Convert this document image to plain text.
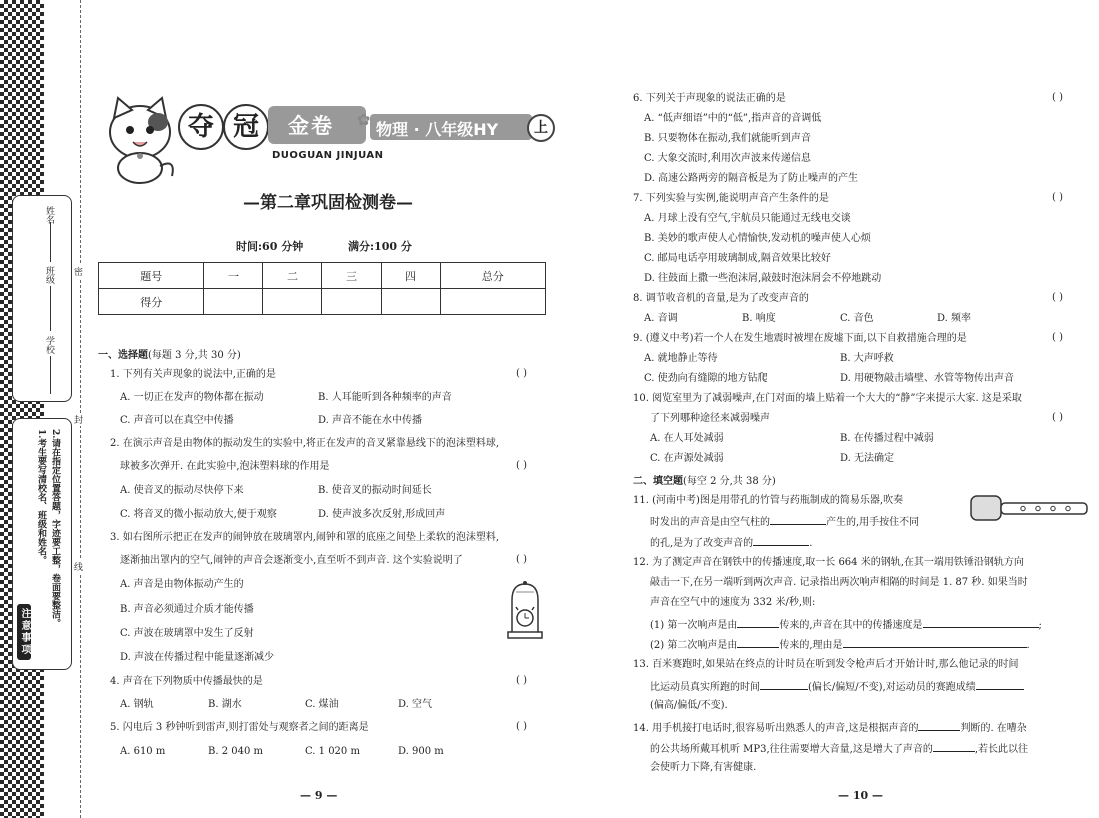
姓名
班级
学校
密
封
线
2.请在指定位置答题，字迹要工整，卷面要整洁。
1.考生要写清校名、班级和姓名。
注意事项
夺 冠	金卷 ✿
物理 · 八年级HY	上
DUOGUAN JINJUAN
—第二章巩固检测卷—
时间:60 分钟	满分:100 分
题号	一	二	三	四	总分
得分					
一、选择题(每题 3 分,共 30 分)
1. 下列有关声现象的说法中,正确的是	( )
A. 一切正在发声的物体都在振动	B. 人耳能听到各种频率的声音
C. 声音可以在真空中传播	D. 声音不能在水中传播
2. 在演示声音是由物体的振动发生的实验中,将正在发声的音叉紧靠悬线下的泡沫塑料球,
球被多次弹开. 在此实验中,泡沫塑料球的作用是	( )
A. 使音叉的振动尽快停下来	B. 使音叉的振动时间延长
C. 将音叉的微小振动放大,便于观察	D. 使声波多次反射,形成回声
3. 如右图所示把正在发声的闹钟放在玻璃罩内,闹钟和罩的底座之间垫上柔软的泡沫塑料,
逐渐抽出罩内的空气,闹钟的声音会逐渐变小,直至听不到声音. 这个实验说明了	( )
A. 声音是由物体振动产生的
B. 声音必须通过介质才能传播
C. 声波在玻璃罩中发生了反射
D. 声波在传播过程中能量逐渐减少
4. 声音在下列物质中传播最快的是	( )
A. 钢轨	B. 湖水	C. 煤油	D. 空气
5. 闪电后 3 秒钟听到雷声,则打雷处与观察者之间的距离是	( )
A. 610 m	B. 2 040 m	C. 1 020 m	D. 900 m
— 9 —
6. 下列关于声现象的说法正确的是	( )
A. “低声细语”中的“低”,指声音的音调低
B. 只要物体在振动,我们就能听到声音
C. 大象交流时,利用次声波来传递信息
D. 高速公路两旁的隔音板是为了防止噪声的产生
7. 下列实验与实例,能说明声音产生条件的是	( )
A. 月球上没有空气,宇航员只能通过无线电交谈
B. 美妙的歌声使人心情愉快,发动机的噪声使人心烦
C. 邮局电话亭用玻璃制成,隔音效果比较好
D. 往鼓面上撒一些泡沫屑,敲鼓时泡沫屑会不停地跳动
8. 调节收音机的音量,是为了改变声音的	( )
A. 音调	B. 响度	C. 音色	D. 频率
9. (遵义中考)若一个人在发生地震时被埋在废墟下面,以下自救措施合理的是	( )
A. 就地静止等待	B. 大声呼救
C. 使劲向有缝隙的地方钻爬	D. 用硬物敲击墙壁、水管等物传出声音
10. 阅览室里为了减弱噪声,在门对面的墙上贴着一个大大的“静”字来提示大家. 这是采取
了下列哪种途径来减弱噪声	( )
A. 在人耳处减弱	B. 在传播过程中减弱
C. 在声源处减弱	D. 无法确定
二、填空题(每空 2 分,共 38 分)
11. (河南中考)图是用带孔的竹管与药瓶制成的简易乐器,吹奏
时发出的声音是由空气柱的	产生的,用手按住不同
的孔,是为了改变声音的	.
12. 为了测定声音在钢铁中的传播速度,取一长 664 米的钢轨,在其一端用铁锤沿钢轨方向
敲击一下,在另一端听到两次声音. 记录指出两次响声相隔的时间是 1. 87 秒. 如果当时
声音在空气中的速度为 332 米/秒,则:
(1) 第一次响声是由	传来的,声音在其中的传播速度是	;
(2) 第二次响声是由	传来的,理由是	.
13. 百米赛跑时,如果站在终点的计时员在听到发令枪声后才开始计时,那么他记录的时间
比运动员真实所跑的时间	(偏长/偏短/不变),对运动员的赛跑成绩
(偏高/偏低/不变).
14. 用手机接打电话时,很容易听出熟悉人的声音,这是根据声音的	判断的. 在嘈杂
的公共场所戴耳机听 MP3,往往需要增大音量,这是增大了声音的	,若长此以往
会使听力下降,有害健康.
— 10 —
